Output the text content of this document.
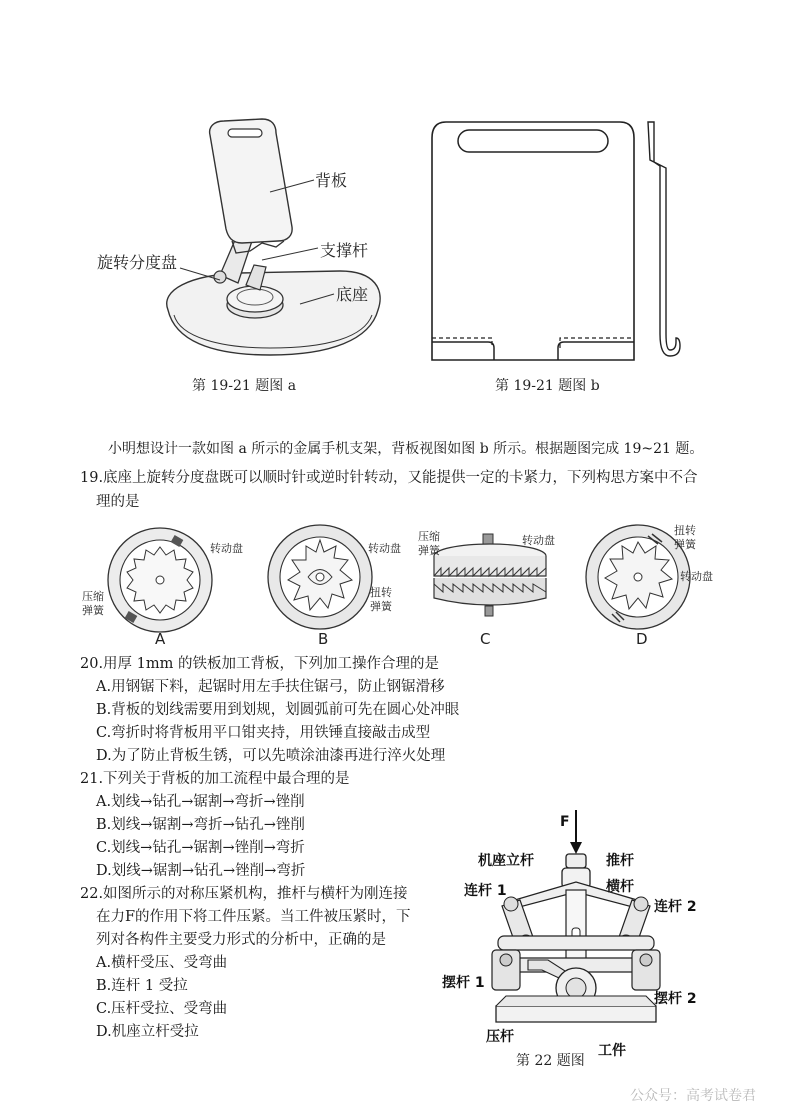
背板
支撑杆
旋转分度盘
底座
第 19-21 题图 a	第 19-21 题图 b
小明想设计一款如图 a 所示的金属手机支架，背板视图如图 b 所示。根据题图完成 19~21 题。
19.底座上旋转分度盘既可以顺时针或逆时针转动，又能提供一定的卡紧力，下列构思方案中不合
理的是
转动盘
压缩
弹簧
A
转动盘
扭转
弹簧
B
压缩
弹簧
转动盘
C
扭转
弹簧
转动盘
D
20.用厚 1mm 的铁板加工背板，下列加工操作合理的是
A.用钢锯下料，起锯时用左手扶住锯弓，防止钢锯滑移
B.背板的划线需要用到划规，划圆弧前可先在圆心处冲眼
C.弯折时将背板用平口钳夹持，用铁锤直接敲击成型
D.为了防止背板生锈，可以先喷涂油漆再进行淬火处理
21.下列关于背板的加工流程中最合理的是
A.划线→钻孔→锯割→弯折→锉削
B.划线→锯割→弯折→钻孔→锉削
C.划线→钻孔→锯割→锉削→弯折
D.划线→锯割→钻孔→锉削→弯折
22.如图所示的对称压紧机构，推杆与横杆为刚连接
在力F的作用下将工件压紧。当工件被压紧时，下
列对各构件主要受力形式的分析中，正确的是
A.横杆受压、受弯曲
B.连杆 1 受拉
C.压杆受拉、受弯曲
D.机座立杆受拉
F
机座立杆	推杆
连杆 1	横杆
连杆 2
摆杆 1
摆杆 2
压杆
工件
第 22 题图
公众号：高考试卷君
